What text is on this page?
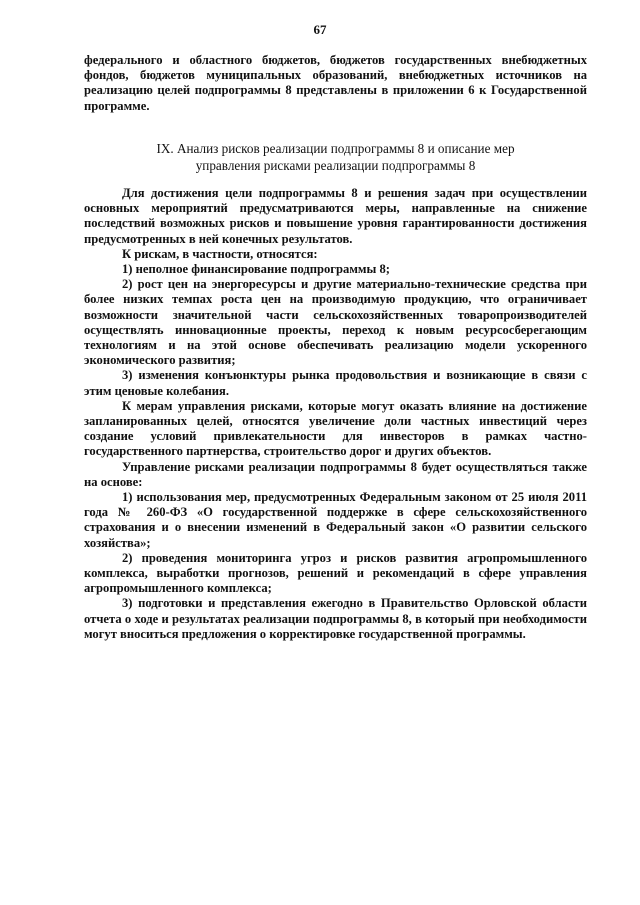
67

федерального и областного бюджетов, бюджетов государственных внебюджетных фондов, бюджетов муниципальных образований, внебюджетных источников на реализацию целей подпрограммы 8 представлены в приложении 6 к Государственной программе.

IX. Анализ рисков реализации подпрограммы 8 и описание мер
управления рисками реализации подпрограммы 8

Для достижения цели подпрограммы 8 и решения задач при осуществлении основных мероприятий предусматриваются меры, направленные на снижение последствий возможных рисков и повышение уровня гарантированности достижения предусмотренных в ней конечных результатов.

К рискам, в частности, относятся:

1) неполное финансирование подпрограммы 8;

2) рост цен на энергоресурсы и другие материально-технические средства при более низких темпах роста цен на производимую продукцию, что ограничивает возможности значительной части сельскохозяйственных товаропроизводителей осуществлять инновационные проекты, переход к новым ресурсосберегающим технологиям и на этой основе обеспечивать реализацию модели ускоренного экономического развития;

3) изменения конъюнктуры рынка продовольствия и возникающие в связи с этим ценовые колебания.

К мерам управления рисками, которые могут оказать влияние на достижение запланированных целей, относятся увеличение доли частных инвестиций через создание условий привлекательности для инвесторов в рамках частно-государственного партнерства, строительство дорог и других объектов.

Управление рисками реализации подпрограммы 8 будет осуществляться также на основе:

1) использования мер, предусмотренных Федеральным законом от 25 июля 2011 года № 260-ФЗ «О государственной поддержке в сфере сельскохозяйственного страхования и о внесении изменений в Федеральный закон «О развитии сельского хозяйства»;

2) проведения мониторинга угроз и рисков развития агропромышленного комплекса, выработки прогнозов, решений и рекомендаций в сфере управления агропромышленного комплекса;

3) подготовки и представления ежегодно в Правительство Орловской области отчета о ходе и результатах реализации подпрограммы 8, в который при необходимости могут вноситься предложения о корректировке государственной программы.
